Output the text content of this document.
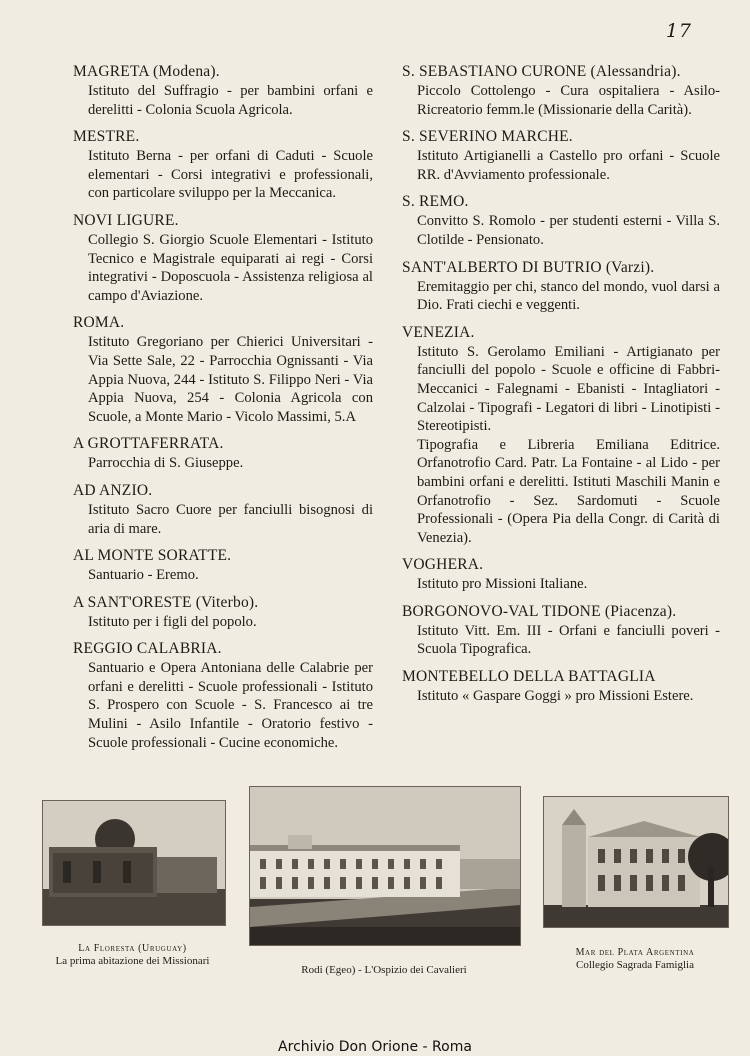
17
MAGRETA (Modena).
Istituto del Suffragio - per bambini orfani e derelitti - Colonia Scuola Agricola.
MESTRE.
Istituto Berna - per orfani di Caduti - Scuole elementari - Corsi integrativi e professionali, con particolare sviluppo per la Meccanica.
NOVI LIGURE.
Collegio S. Giorgio Scuole Elementari - Istituto Tecnico e Magistrale equiparati ai regi - Corsi integrativi - Doposcuola - Assistenza religiosa al campo d'Aviazione.
ROMA.
Istituto Gregoriano per Chierici Universitari - Via Sette Sale, 22 - Parrocchia Ognissanti - Via Appia Nuova, 244 - Istituto S. Filippo Neri - Via Appia Nuova, 254 - Colonia Agricola con Scuole, a Monte Mario - Vicolo Massimi, 5.A
A GROTTAFERRATA.
Parrocchia di S. Giuseppe.
AD ANZIO.
Istituto Sacro Cuore per fanciulli bisognosi di aria di mare.
AL MONTE SORATTE.
Santuario - Eremo.
A SANT'ORESTE (Viterbo).
Istituto per i figli del popolo.
REGGIO CALABRIA.
Santuario e Opera Antoniana delle Calabrie per orfani e derelitti - Scuole professionali - Istituto S. Prospero con Scuole - S. Francesco ai tre Mulini - Asilo Infantile - Oratorio festivo - Scuole professionali - Cucine economiche.
S. SEBASTIANO CURONE (Alessandria).
Piccolo Cottolengo - Cura ospitaliera - Asilo- Ricreatorio femm.le (Missionarie della Carità).
S. SEVERINO MARCHE.
Istituto Artigianelli a Castello pro orfani - Scuole RR. d'Avviamento professionale.
S. REMO.
Convitto S. Romolo - per studenti esterni - Villa S. Clotilde - Pensionato.
SANT'ALBERTO DI BUTRIO (Varzi).
Eremitaggio per chi, stanco del mondo, vuol darsi a Dio. Frati ciechi e veggenti.
VENEZIA.
Istituto S. Gerolamo Emiliani - Artigianato per fanciulli del popolo - Scuole e officine di Fabbri-Meccanici - Falegnami - Ebanisti - Intagliatori - Calzolai - Tipografi - Legatori di libri - Linotipisti - Stereotipisti.
Tipografia e Libreria Emiliana Editrice. Orfanotrofio Card. Patr. La Fontaine - al Lido - per bambini orfani e derelitti. Istituti Maschili Manin e Orfanotrofio - Sez. Sardomuti - Scuole Professionali - (Opera Pia della Congr. di Carità di Venezia).
VOGHERA.
Istituto pro Missioni Italiane.
BORGONOVO-VAL TIDONE (Piacenza).
Istituto Vitt. Em. III - Orfani e fanciulli poveri - Scuola Tipografica.
MONTEBELLO DELLA BATTAGLIA
Istituto « Gaspare Goggi » pro Missioni Estere.
La Floresta (Uruguay)
La prima abitazione dei Missionari
Rodi (Egeo) - L'Ospizio dei Cavalieri
Mar del Plata Argentina
Collegio Sagrada Famiglia
Archivio Don Orione - Roma
